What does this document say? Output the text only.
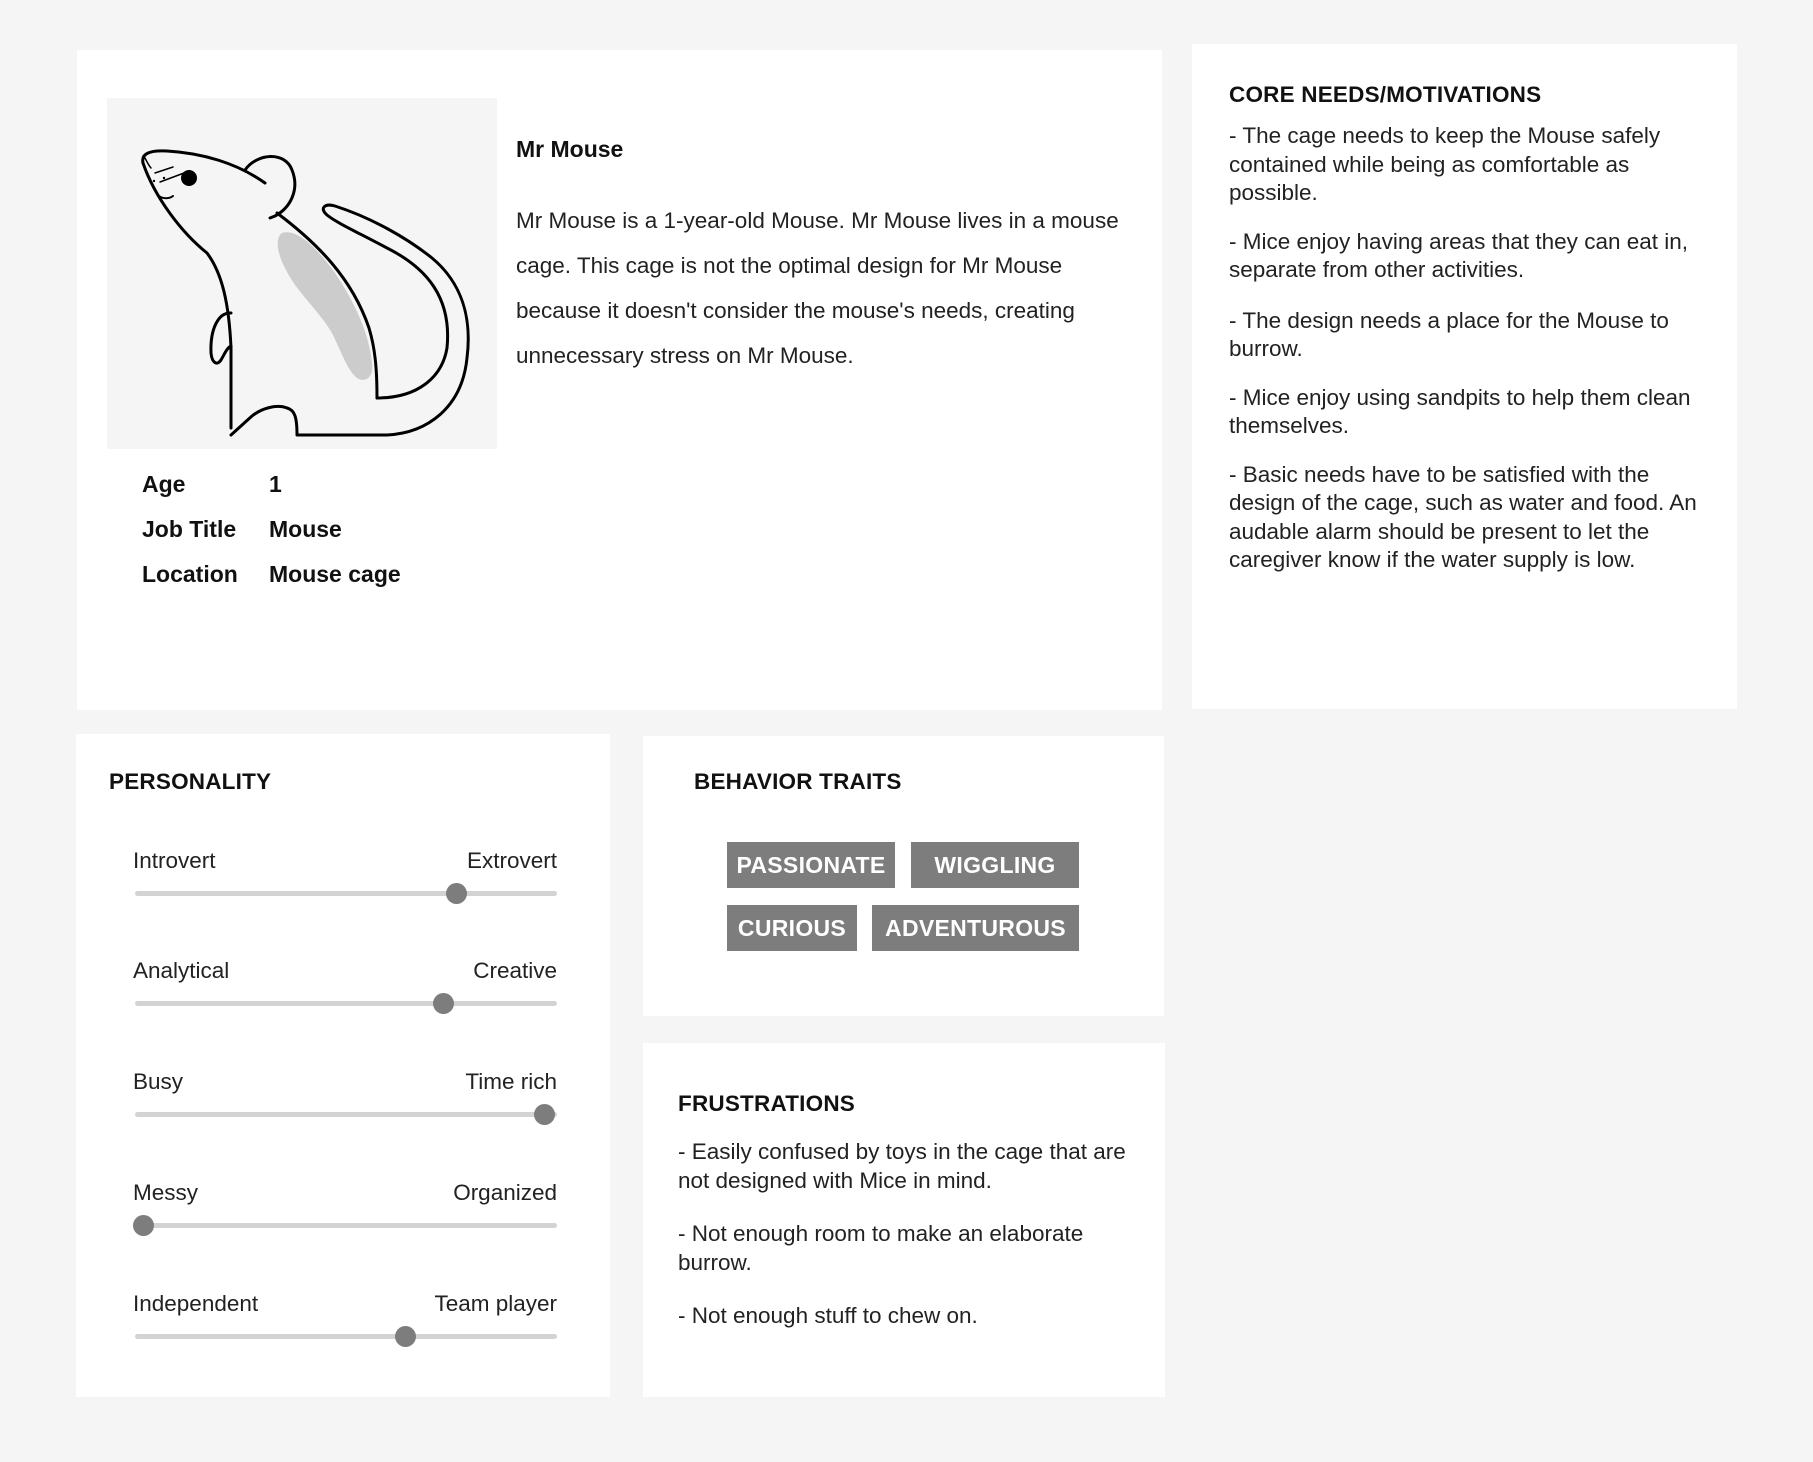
Mr Mouse
Mr Mouse is a 1-year-old Mouse. Mr Mouse lives in a mouse cage. This cage is not the optimal design for Mr Mouse because it doesn't consider the mouse's needs, creating unnecessary stress on Mr Mouse.
Age	1
Job Title	Mouse
Location	Mouse cage
CORE NEEDS/MOTIVATIONS

- The cage needs to keep the Mouse safely contained while being as comfortable as possible.

- Mice enjoy having areas that they can eat in, separate from other activities.

- The design needs a place for the Mouse to burrow.

- Mice enjoy using sandpits to help them clean themselves.

- Basic needs have to be satisfied with the design of the cage, such as water and food. An audable alarm should be present to let the caregiver know if the water supply is low.

PERSONALITY
Introvert	Extrovert
Analytical	Creative
Busy	Time rich
Messy	Organized
Independent	Team player
BEHAVIOR TRAITS
PASSIONATE	WIGGLING
CURIOUS	ADVENTUROUS
FRUSTRATIONS

- Easily confused by toys in the cage that are not designed with Mice in mind.

- Not enough room to make an elaborate burrow.

- Not enough stuff to chew on.
